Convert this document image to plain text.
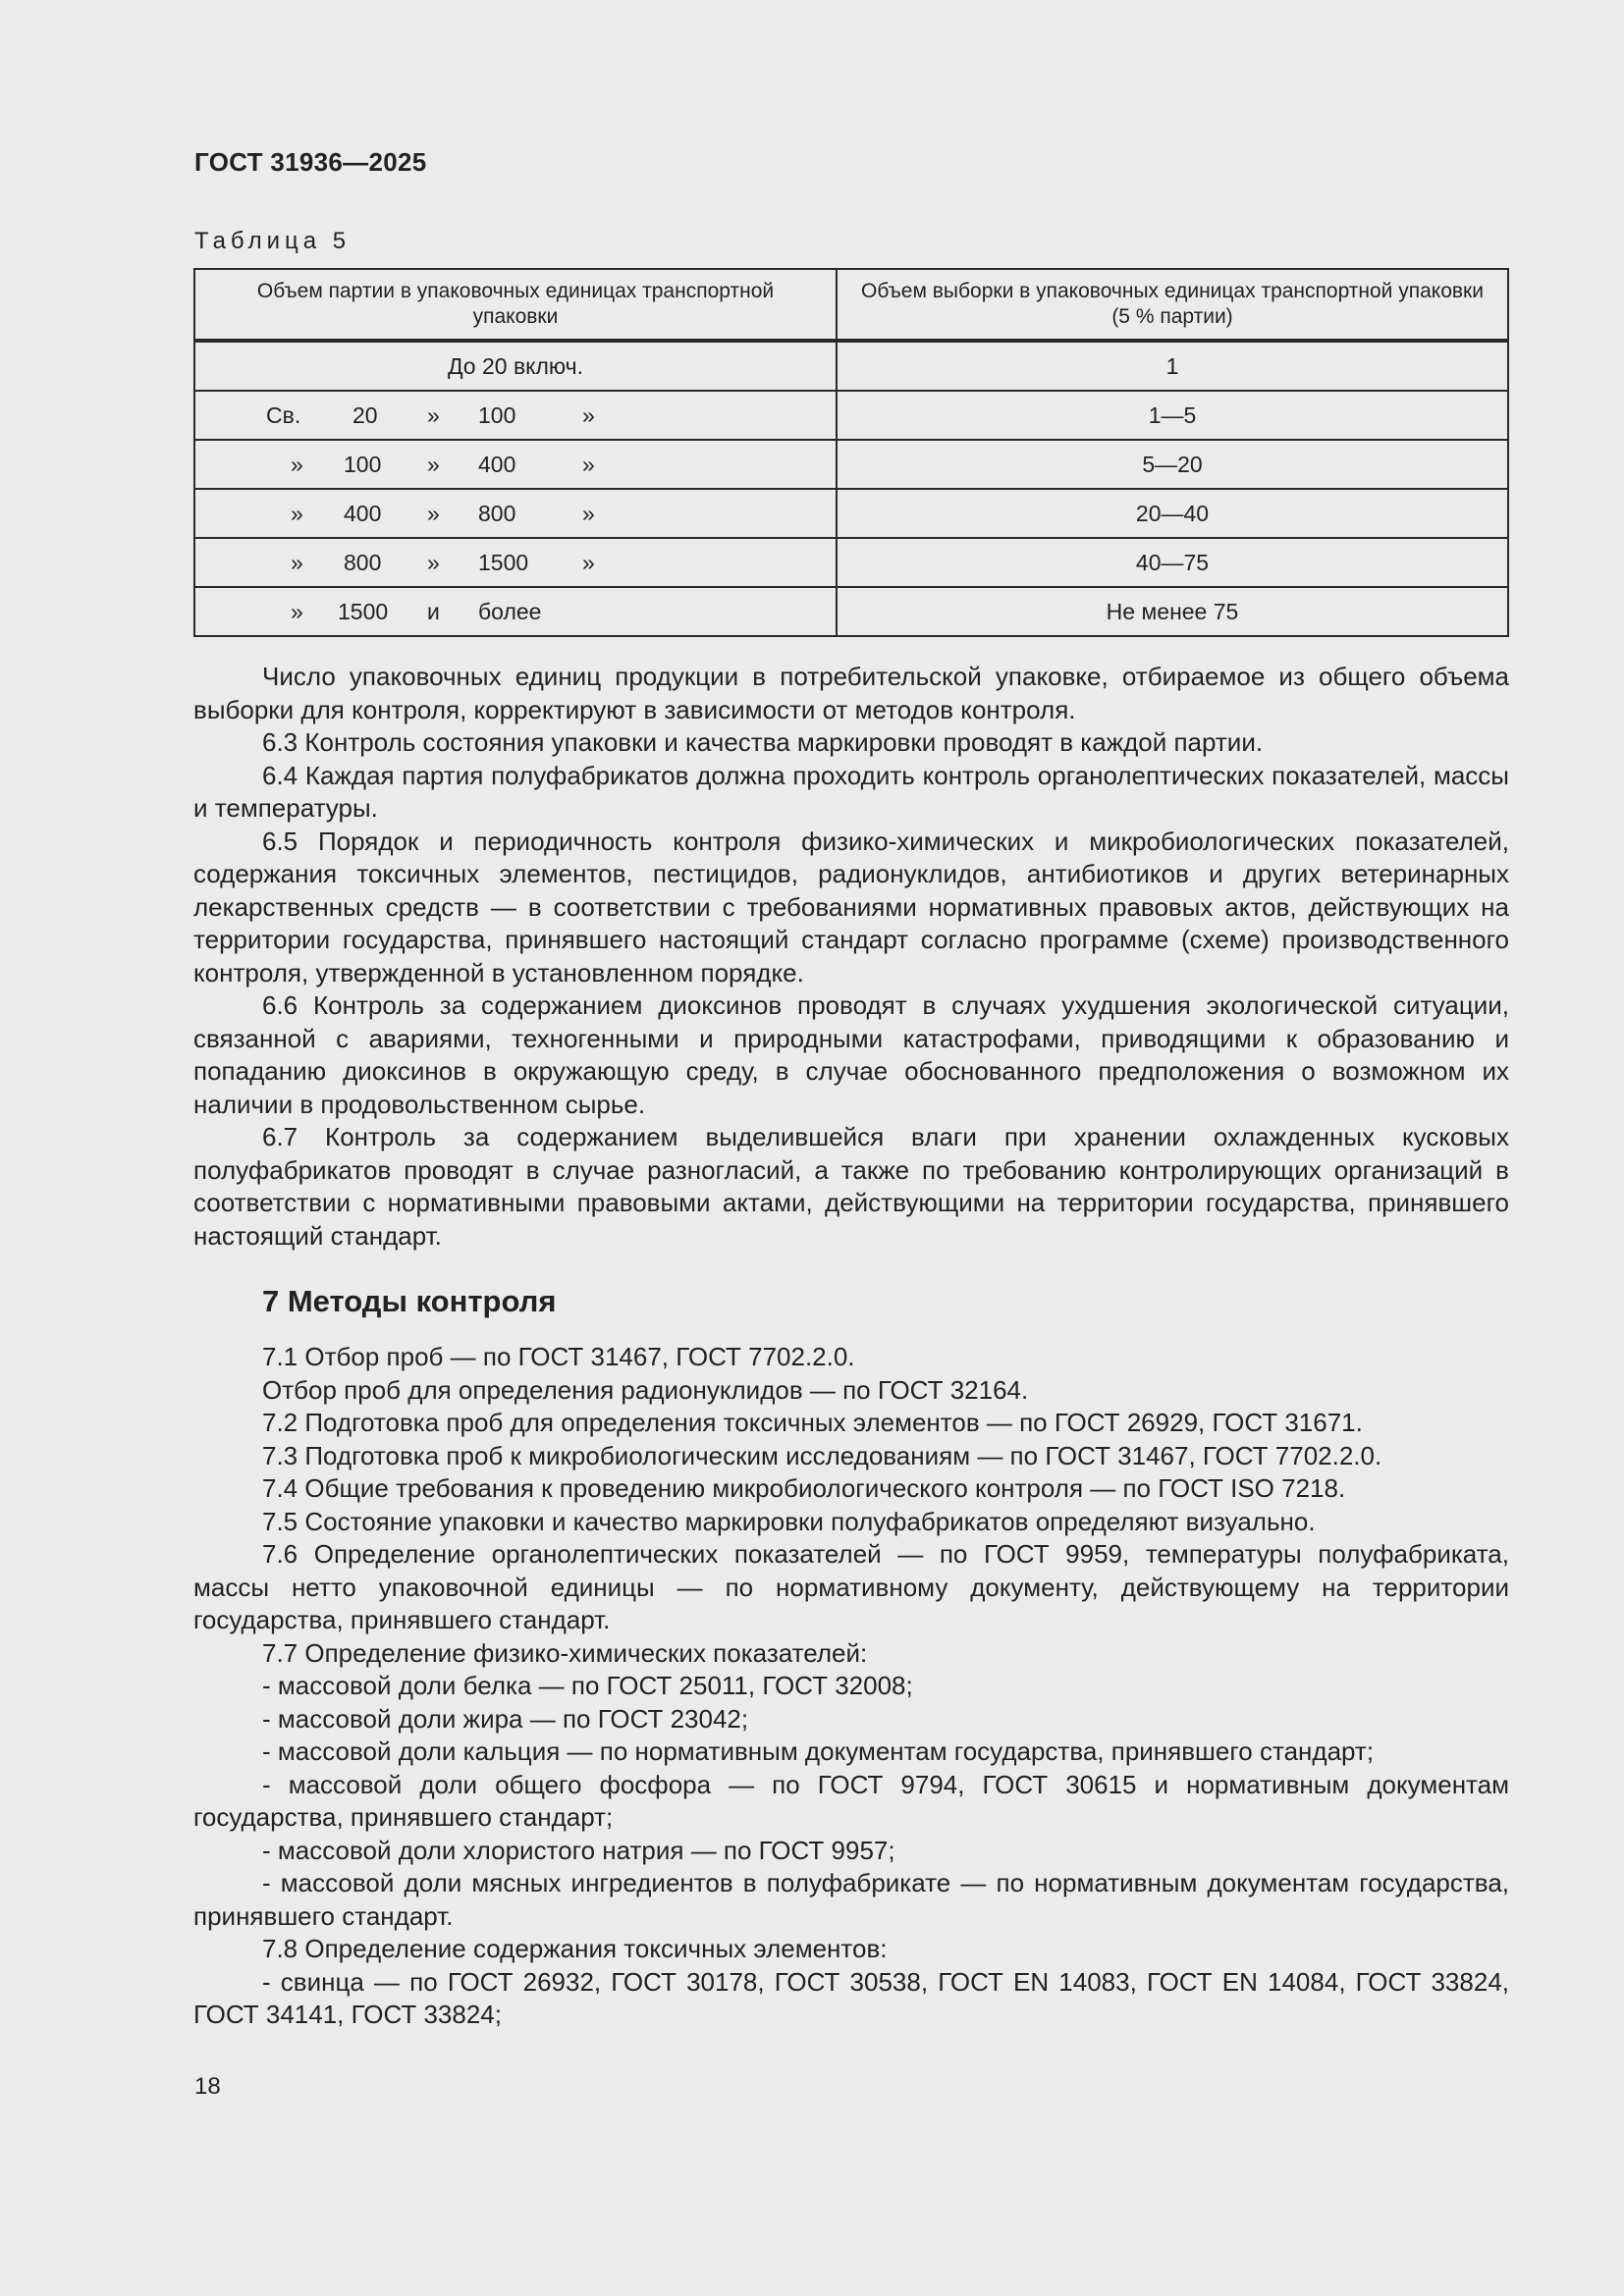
ГОСТ 31936—2025
Таблица 5
Объем партии в упаковочных единицах транспортной упаковки	Объем выборки в упаковочных единицах транспортной упаковки (5 % партии)
До 20 включ.	1

Св. 20 » 100 »	1—5

» 100 » 400 »	5—20

» 400 » 800 »	20—40

» 800 » 1500 »	40—75

» 1500 и более	Не менее 75

Число упаковочных единиц продукции в потребительской упаковке, отбираемое из общего объема выборки для контроля, корректируют в зависимости от методов контроля.

6.3 Контроль состояния упаковки и качества маркировки проводят в каждой партии.

6.4 Каждая партия полуфабрикатов должна проходить контроль органолептических показателей, массы и температуры.

6.5 Порядок и периодичность контроля физико-химических и микробиологических показателей, содержания токсичных элементов, пестицидов, радионуклидов, антибиотиков и других ветеринарных лекарственных средств — в соответствии с требованиями нормативных правовых актов, действующих на территории государства, принявшего настоящий стандарт согласно программе (схеме) производственного контроля, утвержденной в установленном порядке.

6.6 Контроль за содержанием диоксинов проводят в случаях ухудшения экологической ситуации, связанной с авариями, техногенными и природными катастрофами, приводящими к образованию и попаданию диоксинов в окружающую среду, в случае обоснованного предположения о возможном их наличии в продовольственном сырье.

6.7 Контроль за содержанием выделившейся влаги при хранении охлажденных кусковых полуфабрикатов проводят в случае разногласий, а также по требованию контролирующих организаций в соответствии с нормативными правовыми актами, действующими на территории государства, принявшего настоящий стандарт.

7 Методы контроля

7.1 Отбор проб — по ГОСТ 31467, ГОСТ 7702.2.0.

Отбор проб для определения радионуклидов — по ГОСТ 32164.

7.2 Подготовка проб для определения токсичных элементов — по ГОСТ 26929, ГОСТ 31671.

7.3 Подготовка проб к микробиологическим исследованиям — по ГОСТ 31467, ГОСТ 7702.2.0.

7.4 Общие требования к проведению микробиологического контроля — по ГОСТ ISO 7218.

7.5 Состояние упаковки и качество маркировки полуфабрикатов определяют визуально.

7.6 Определение органолептических показателей — по ГОСТ 9959, температуры полуфабриката, массы нетто упаковочной единицы — по нормативному документу, действующему на территории государства, принявшего стандарт.

7.7 Определение физико-химических показателей:

- массовой доли белка — по ГОСТ 25011, ГОСТ 32008;

- массовой доли жира — по ГОСТ 23042;

- массовой доли кальция — по нормативным документам государства, принявшего стандарт;

- массовой доли общего фосфора — по ГОСТ 9794, ГОСТ 30615 и нормативным документам государства, принявшего стандарт;

- массовой доли хлористого натрия — по ГОСТ 9957;

- массовой доли мясных ингредиентов в полуфабрикате — по нормативным документам государства, принявшего стандарт.

7.8 Определение содержания токсичных элементов:

- свинца — по ГОСТ 26932, ГОСТ 30178, ГОСТ 30538, ГОСТ EN 14083, ГОСТ EN 14084, ГОСТ 33824, ГОСТ 34141, ГОСТ 33824;

18
